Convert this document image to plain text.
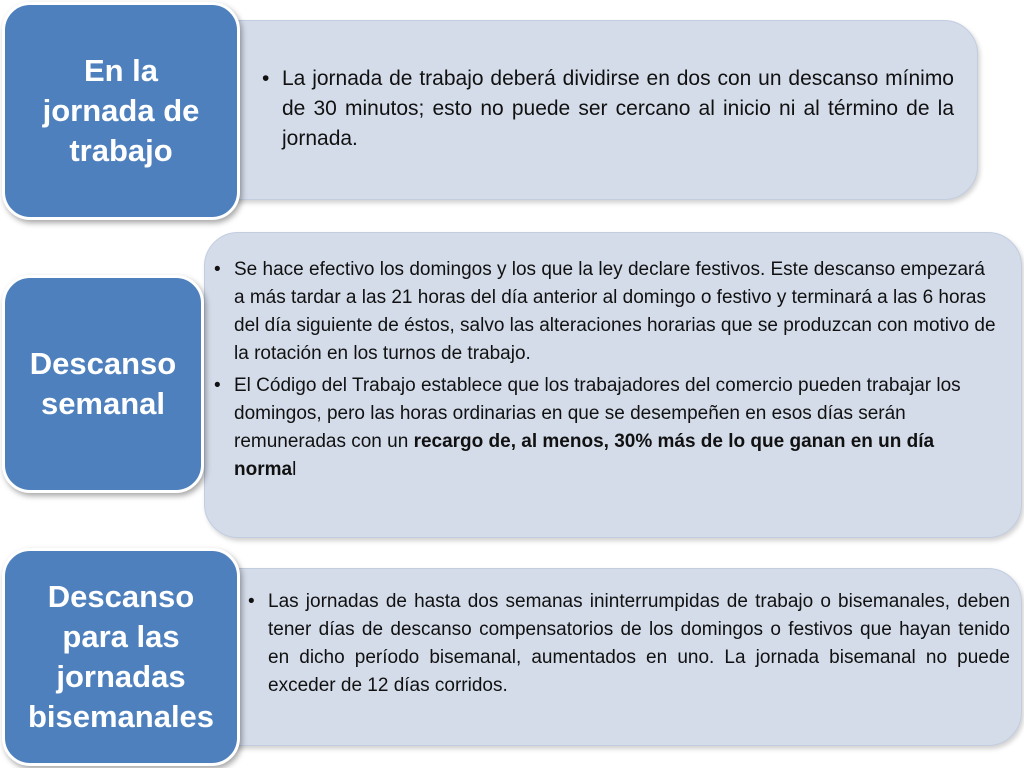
En la
jornada de
trabajo
• La jornada de trabajo deberá dividirse en dos con un descanso mínimo de 30 minutos; esto no puede ser cercano al inicio ni al término de la jornada.
Descanso
semanal
• Se hace efectivo los domingos y los que la ley declare festivos. Este descanso empezará a más tardar a las 21 horas del día anterior al domingo o festivo y terminará a las 6 horas del día siguiente de éstos, salvo las alteraciones horarias que se produzcan con motivo de la rotación en los turnos de trabajo.
• El Código del Trabajo establece que los trabajadores del comercio pueden trabajar los domingos, pero las horas ordinarias en que se desempeñen en esos días serán remuneradas con un recargo de, al menos, 30% más de lo que ganan en un día normal
Descanso
para las
jornadas
bisemanales
• Las jornadas de hasta dos semanas ininterrumpidas de trabajo o bisemanales, deben tener días de descanso compensatorios de los domingos o festivos que hayan tenido en dicho período bisemanal, aumentados en uno. La jornada bisemanal no puede exceder de 12 días corridos.
